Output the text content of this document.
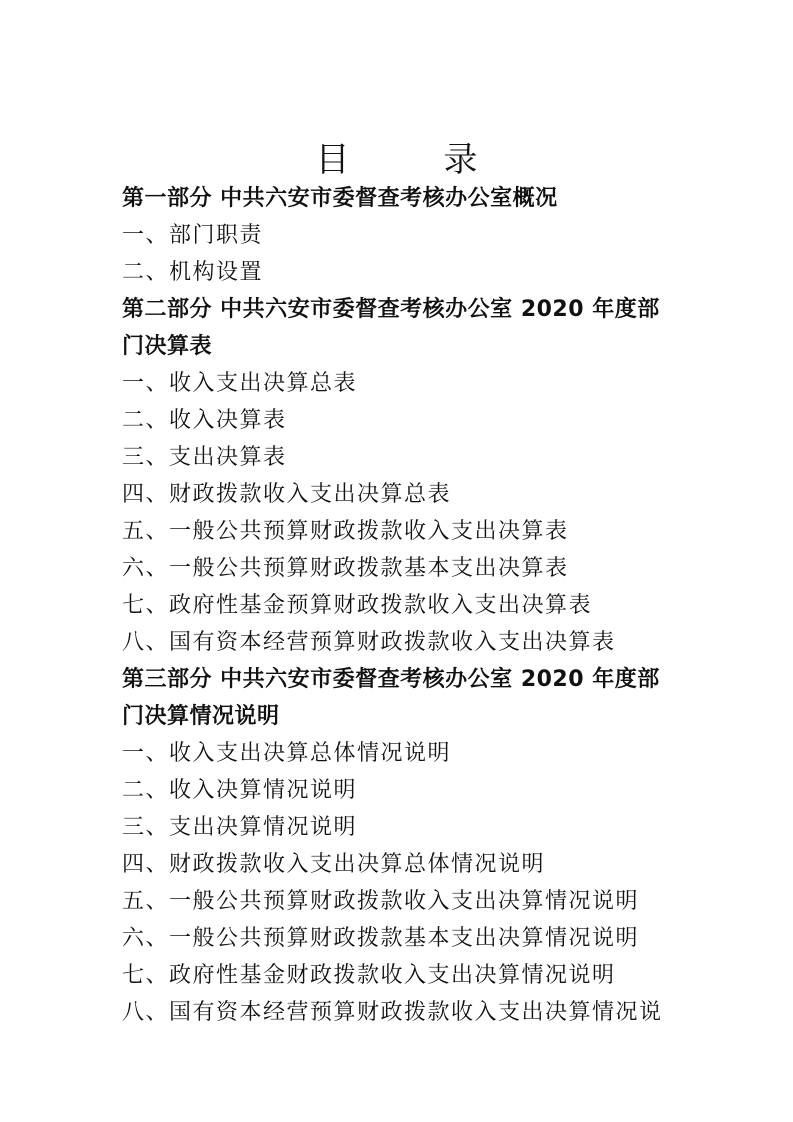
目　录
第一部分 中共六安市委督查考核办公室概况
一、部门职责
二、机构设置
第二部分 中共六安市委督查考核办公室 2020 年度部
门决算表
一、收入支出决算总表
二、收入决算表
三、支出决算表
四、财政拨款收入支出决算总表
五、一般公共预算财政拨款收入支出决算表
六、一般公共预算财政拨款基本支出决算表
七、政府性基金预算财政拨款收入支出决算表
八、国有资本经营预算财政拨款收入支出决算表
第三部分 中共六安市委督查考核办公室 2020 年度部
门决算情况说明
一、收入支出决算总体情况说明
二、收入决算情况说明
三、支出决算情况说明
四、财政拨款收入支出决算总体情况说明
五、一般公共预算财政拨款收入支出决算情况说明
六、一般公共预算财政拨款基本支出决算情况说明
七、政府性基金财政拨款收入支出决算情况说明
八、国有资本经营预算财政拨款收入支出决算情况说
